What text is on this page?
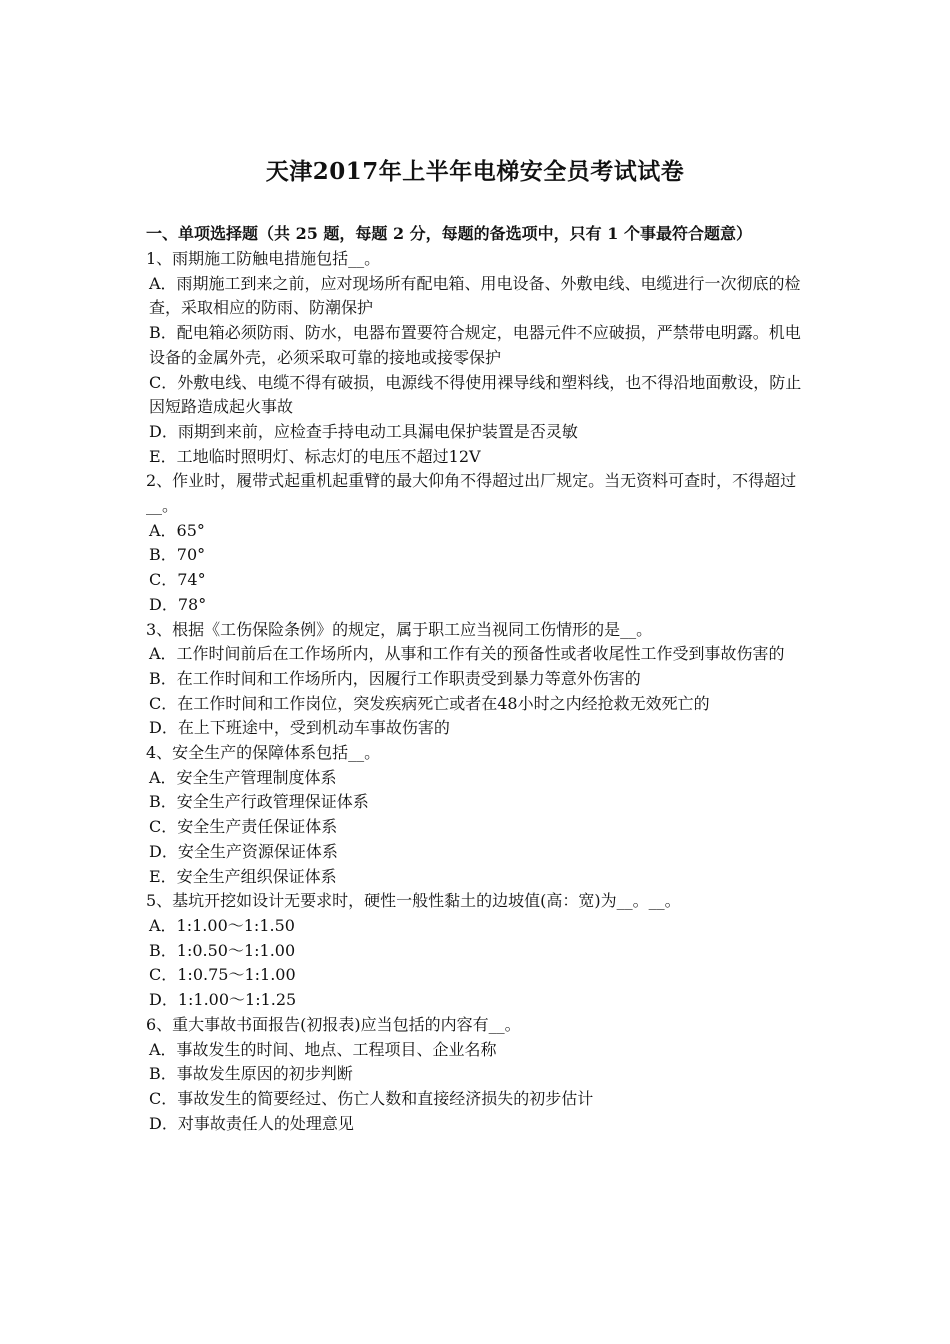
天津2017年上半年电梯安全员考试试卷

一、单项选择题（共 25 题，每题 2 分，每题的备选项中，只有 1 个事最符合题意）

1、雨期施工防触电措施包括__。

A．雨期施工到来之前，应对现场所有配电箱、用电设备、外敷电线、电缆进行一次彻底的检查，采取相应的防雨、防潮保护

B．配电箱必须防雨、防水，电器布置要符合规定，电器元件不应破损，严禁带电明露。机电设备的金属外壳，必须采取可靠的接地或接零保护

C．外敷电线、电缆不得有破损，电源线不得使用裸导线和塑料线，也不得沿地面敷设，防止因短路造成起火事故

D．雨期到来前，应检查手持电动工具漏电保护装置是否灵敏

E．工地临时照明灯、标志灯的电压不超过12V

2、作业时，履带式起重机起重臂的最大仰角不得超过出厂规定。当无资料可查时，不得超过__。

A．65°

B．70°

C．74°

D．78°

3、根据《工伤保险条例》的规定，属于职工应当视同工伤情形的是__。

A．工作时间前后在工作场所内，从事和工作有关的预备性或者收尾性工作受到事故伤害的

B．在工作时间和工作场所内，因履行工作职责受到暴力等意外伤害的

C．在工作时间和工作岗位，突发疾病死亡或者在48小时之内经抢救无效死亡的

D．在上下班途中，受到机动车事故伤害的

4、安全生产的保障体系包括__。

A．安全生产管理制度体系

B．安全生产行政管理保证体系

C．安全生产责任保证体系

D．安全生产资源保证体系

E．安全生产组织保证体系

5、基坑开挖如设计无要求时，硬性一般性黏土的边坡值(高：宽)为__。__。

A．1:1.00～1:1.50

B．1:0.50～1:1.00

C．1:0.75～1:1.00

D．1:1.00～1:1.25

6、重大事故书面报告(初报表)应当包括的内容有__。

A．事故发生的时间、地点、工程项目、企业名称

B．事故发生原因的初步判断

C．事故发生的简要经过、伤亡人数和直接经济损失的初步估计

D．对事故责任人的处理意见
